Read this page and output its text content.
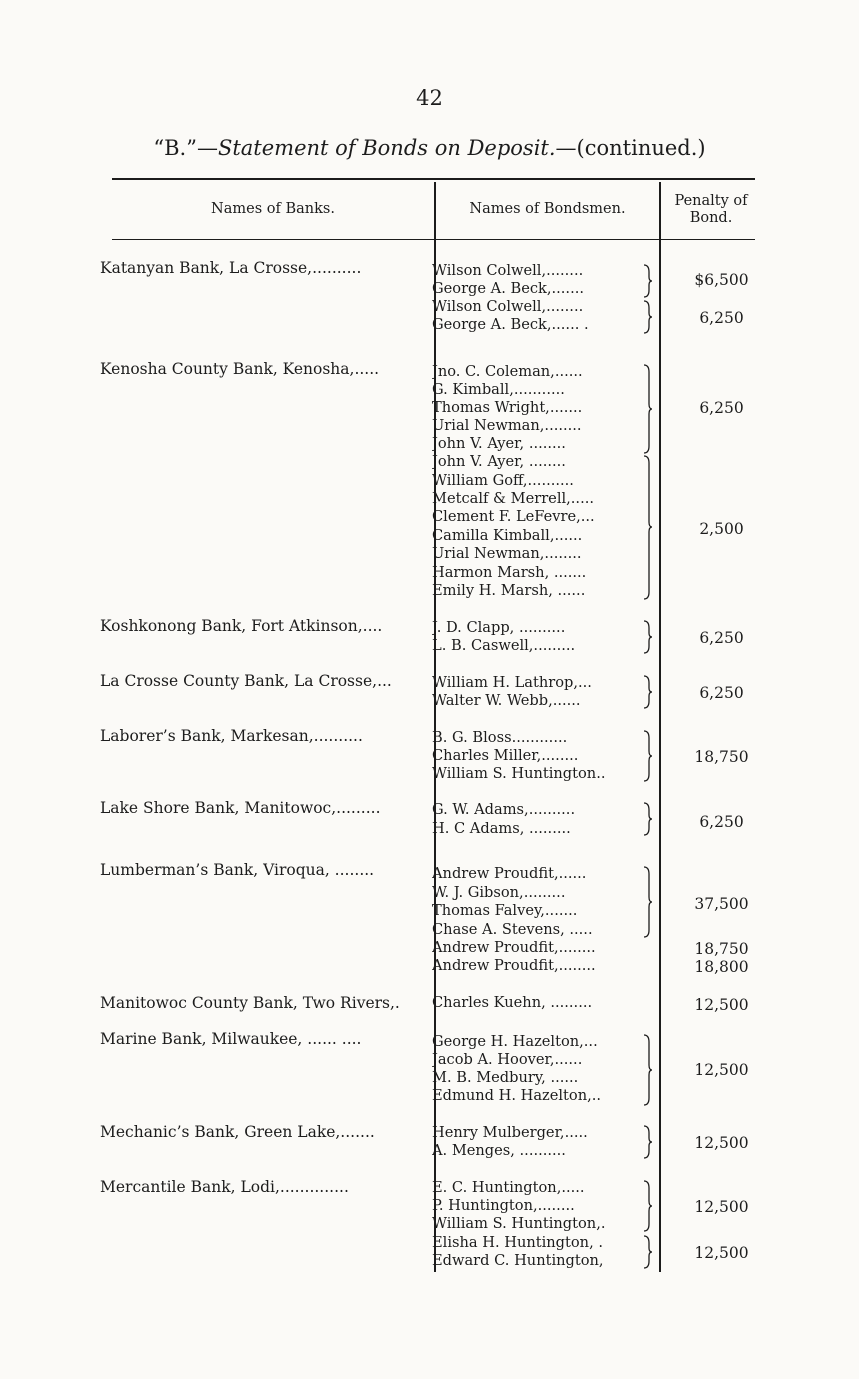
42
“B.”—Statement of Bonds on Deposit.—(continued.)
Names of Banks.	Names of Bondsmen.	Penalty of
Bond.
Katanyan Bank, La Crosse,..........
Kenosha County Bank, Kenosha,.....
Koshkonong Bank, Fort Atkinson,....
La Crosse County Bank, La Crosse,...
Laborer’s Bank, Markesan,..........
Lake Shore Bank, Manitowoc,.........
Lumberman’s Bank, Viroqua, ........
Manitowoc County Bank, Two Rivers,.
Marine Bank, Milwaukee, ...... ....
Mechanic’s Bank, Green Lake,.......
Mercantile Bank, Lodi,..............
Wilson Colwell,........
George A. Beck,.......
Wilson Colwell,........
George A. Beck,...... .
Jno. C. Coleman,......
G. Kimball,...........
Thomas Wright,.......
Urial Newman,........
John V. Ayer, ........
John V. Ayer, ........
William Goff,..........
Metcalf & Merrell,.....
Clement F. LeFevre,...
Camilla Kimball,......
Urial Newman,........
Harmon Marsh, .......
Emily H. Marsh, ......
J. D. Clapp, ..........
L. B. Caswell,.........
William H. Lathrop,...
Walter W. Webb,......
B. G. Bloss............
Charles Miller,........
William S. Huntington..
G. W. Adams,..........
H. C Adams, .........
Andrew Proudfit,......
W. J. Gibson,.........
Thomas Falvey,.......
Chase A. Stevens, .....
Andrew Proudfit,........
Andrew Proudfit,........
Charles Kuehn, .........
George H. Hazelton,...
Jacob A. Hoover,......
M. B. Medbury, ......
Edmund H. Hazelton,..
Henry Mulberger,.....
A. Menges, ..........
E. C. Huntington,.....
P. Huntington,........
William S. Huntington,.
Elisha H. Huntington, .
Edward C. Huntington,
$6,500
6,250
6,250
2,500
6,250
6,250
18,750
6,250
37,500
18,750
18,800
12,500
12,500
12,500
12,500
12,500
